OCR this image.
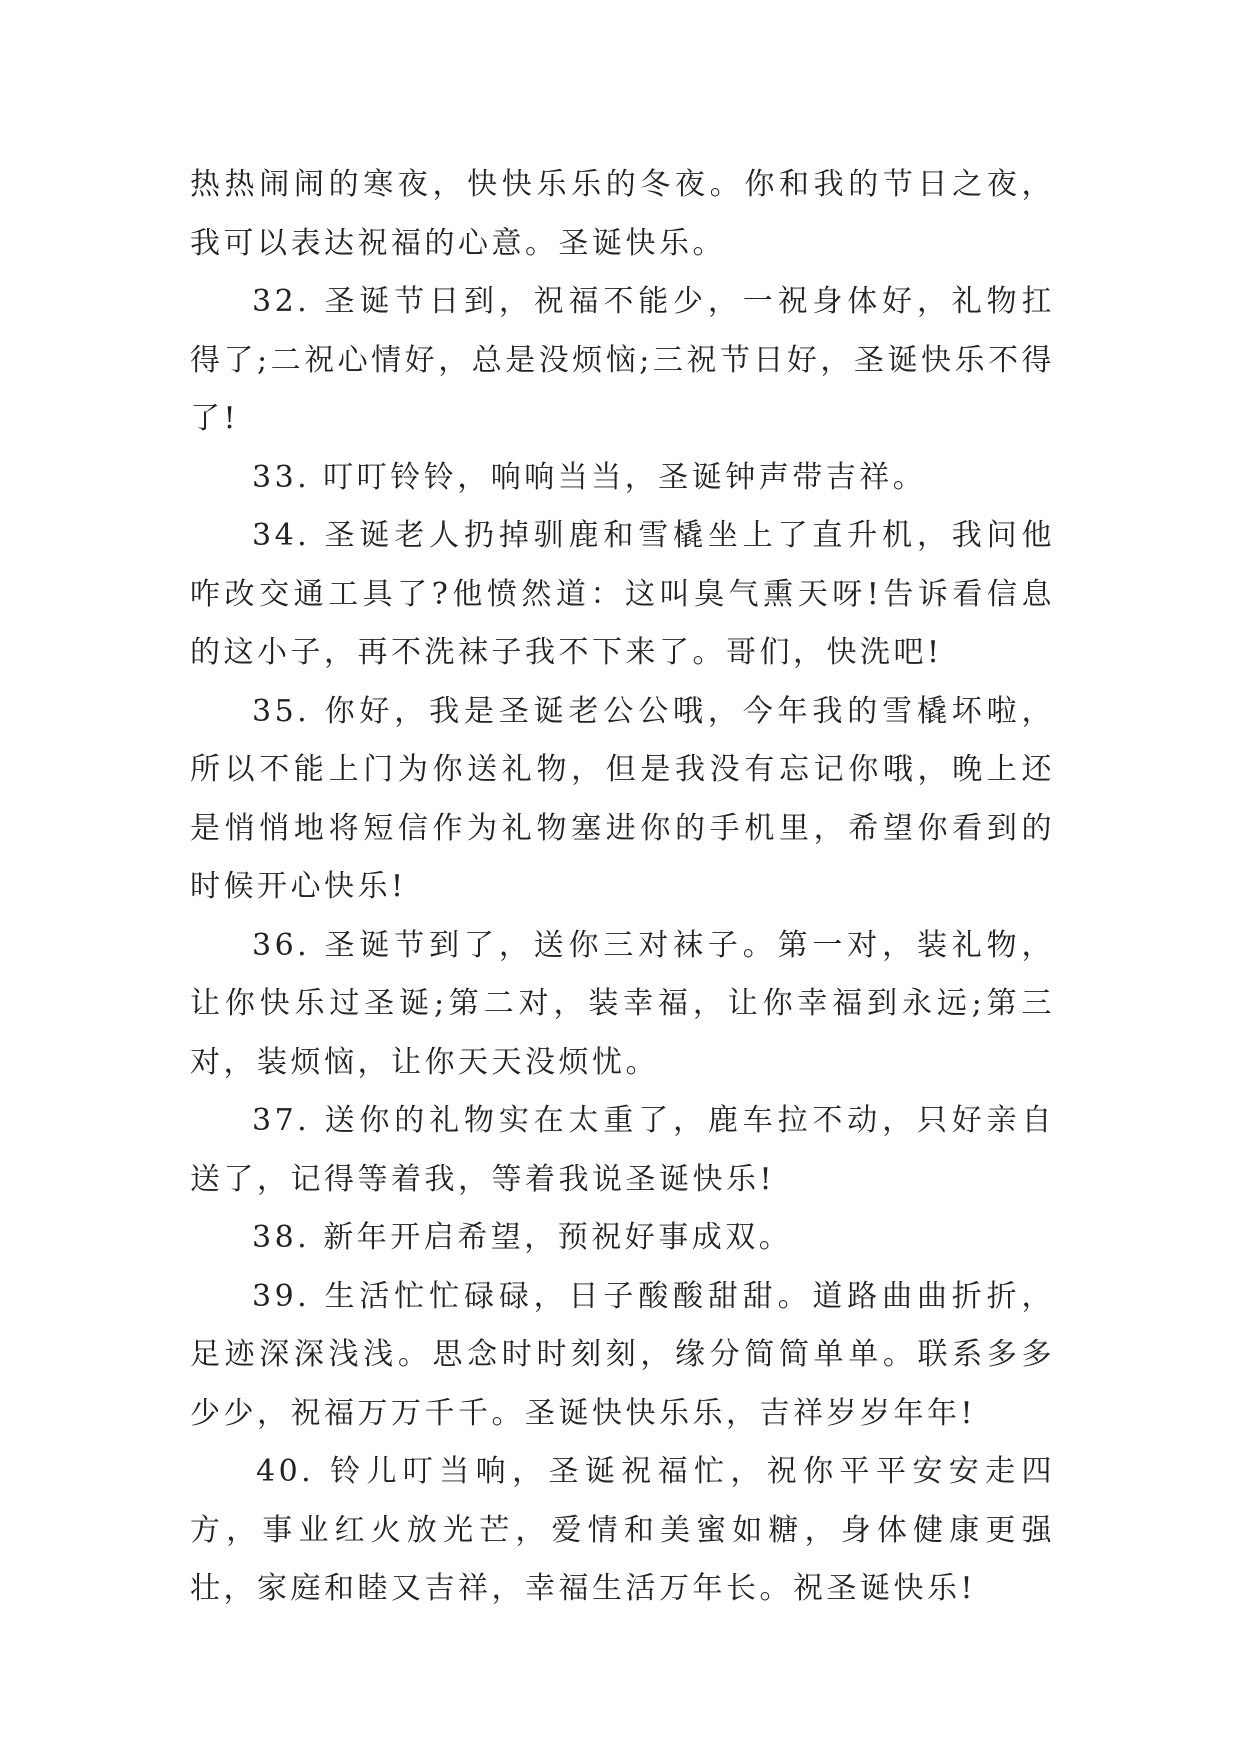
热热闹闹的寒夜，快快乐乐的冬夜。你和我的节日之夜，我可以表达祝福的心意。圣诞快乐。

32. 圣诞节日到，祝福不能少，一祝身体好，礼物扛得了;二祝心情好，总是没烦恼;三祝节日好，圣诞快乐不得了!

33. 叮叮铃铃，响响当当，圣诞钟声带吉祥。

34. 圣诞老人扔掉驯鹿和雪橇坐上了直升机，我问他咋改交通工具了?他愤然道：这叫臭气熏天呀!告诉看信息的这小子，再不洗袜子我不下来了。哥们，快洗吧!

35. 你好，我是圣诞老公公哦，今年我的雪橇坏啦，所以不能上门为你送礼物，但是我没有忘记你哦，晚上还是悄悄地将短信作为礼物塞进你的手机里，希望你看到的时候开心快乐!

36. 圣诞节到了，送你三对袜子。第一对，装礼物，让你快乐过圣诞;第二对，装幸福，让你幸福到永远;第三对，装烦恼，让你天天没烦忧。

37. 送你的礼物实在太重了，鹿车拉不动，只好亲自送了，记得等着我，等着我说圣诞快乐!

38. 新年开启希望，预祝好事成双。

39. 生活忙忙碌碌，日子酸酸甜甜。道路曲曲折折，足迹深深浅浅。思念时时刻刻，缘分简简单单。联系多多少少，祝福万万千千。圣诞快快乐乐，吉祥岁岁年年!

40. 铃儿叮当响，圣诞祝福忙，祝你平平安安走四方，事业红火放光芒，爱情和美蜜如糖，身体健康更强壮，家庭和睦又吉祥，幸福生活万年长。祝圣诞快乐!
